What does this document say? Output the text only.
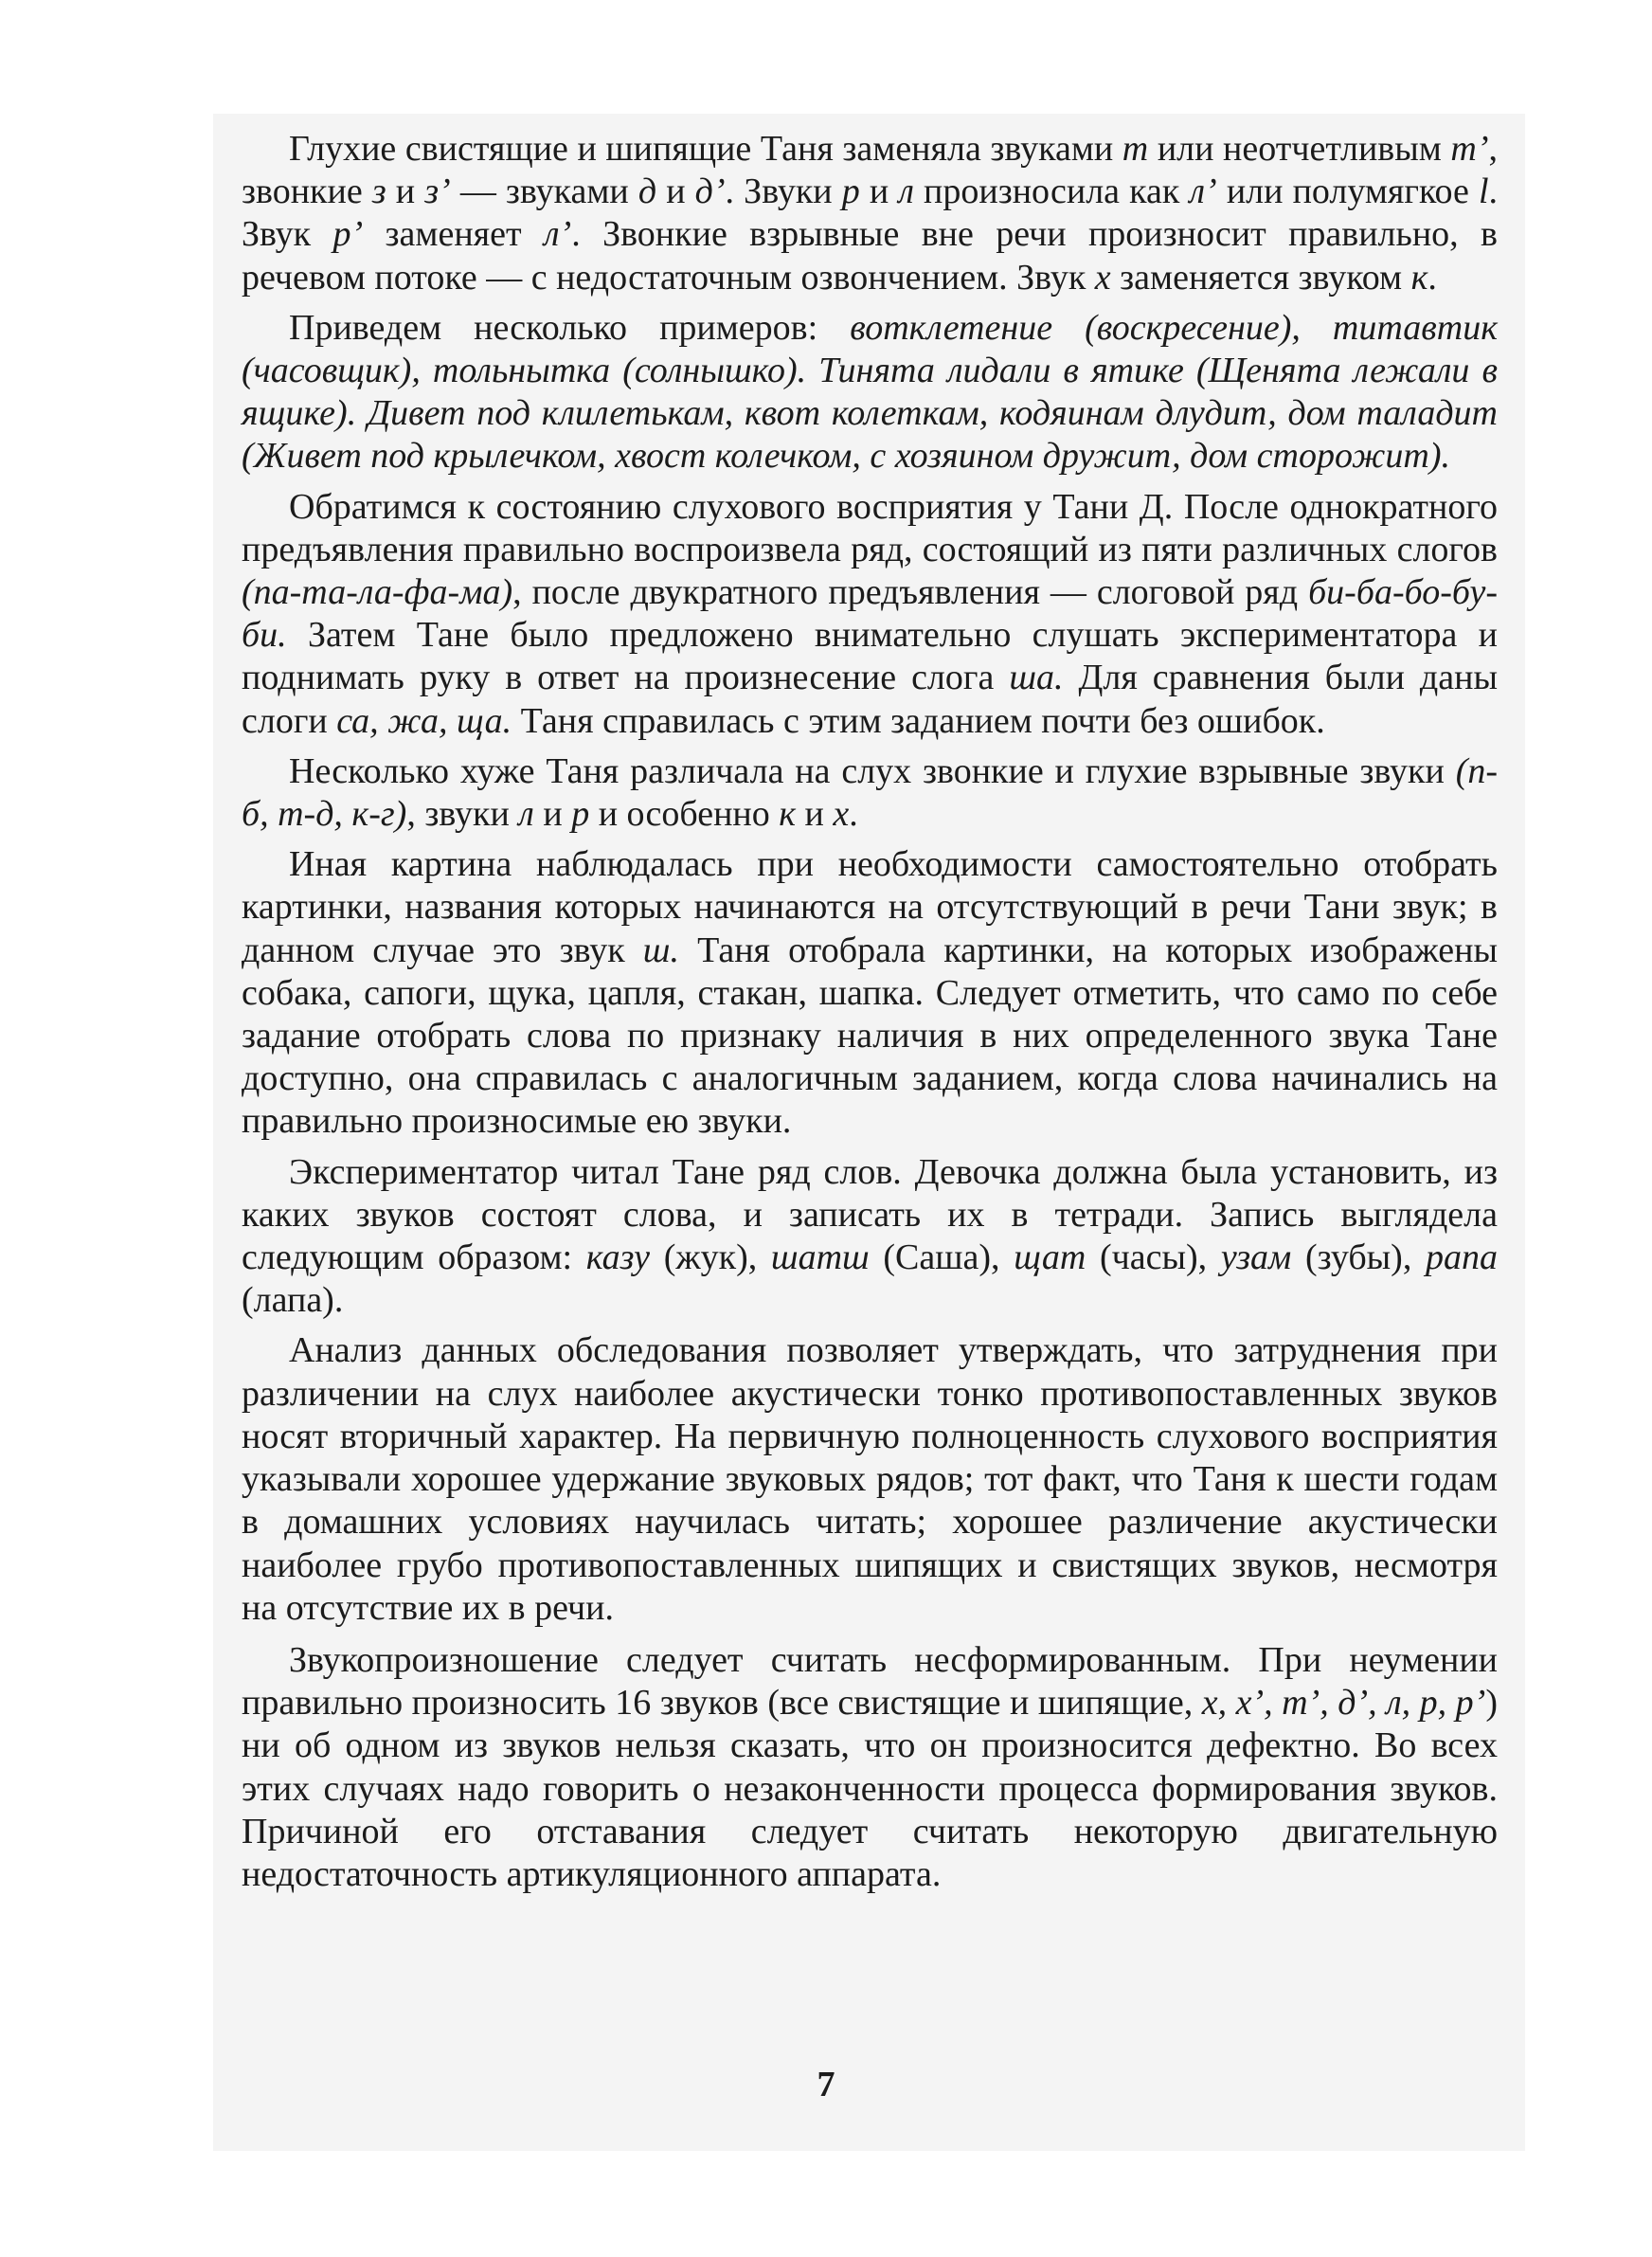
Глухие свистящие и шипящие Таня заменяла звуками т или неотчетливым т’, звонкие з и з’ — звуками д и д’. Звуки р и л произносила как л’ или полумягкое l. Звук р’ заменяет л’. Звонкие взрывные вне речи произносит правильно, в речевом потоке — с недостаточным озвончением. Звук х заменяется звуком к.

Приведем несколько примеров: вотклетение (воскресение), титавтик (часовщик), тольнытка (солнышко). Тинята лидали в ятике (Щенята лежали в ящике). Дивет под клилетькам, квот колеткам, кодяинам длудит, дом таладит (Живет под крылечком, хвост колечком, с хозяином дружит, дом сторожит).

Обратимся к состоянию слухового восприятия у Тани Д. После однократного предъявления правильно воспроизвела ряд, состоящий из пяти различных слогов (па-та-ла-фа-ма), после двукратного предъявления — слоговой ряд би-ба-бо-бу-би. Затем Тане было предложено внимательно слушать экспериментатора и поднимать руку в ответ на произнесение слога ша. Для сравнения были даны слоги са, жа, ща. Таня справилась с этим заданием почти без ошибок.

Несколько хуже Таня различала на слух звонкие и глухие взрывные звуки (п-б, т-д, к-г), звуки л и р и особенно к и х.

Иная картина наблюдалась при необходимости самостоятельно отобрать картинки, названия которых начинаются на отсутствующий в речи Тани звук; в данном случае это звук ш. Таня отобрала картинки, на которых изображены собака, сапоги, щука, цапля, стакан, шапка. Следует отметить, что само по себе задание отобрать слова по признаку наличия в них определенного звука Тане доступно, она справилась с аналогичным заданием, когда слова начинались на правильно произносимые ею звуки.

Экспериментатор читал Тане ряд слов. Девочка должна была установить, из каких звуков состоят слова, и записать их в тетради. Запись выглядела следующим образом: казу (жук), шатш (Саша), щат (часы), узам (зубы), рапа (лапа).

Анализ данных обследования позволяет утверждать, что затруднения при различении на слух наиболее акустически тонко противопоставленных звуков носят вторичный характер. На первичную полноценность слухового восприятия указывали хорошее удержание звуковых рядов; тот факт, что Таня к шести годам в домашних условиях научилась читать; хорошее различение акустически наиболее грубо противопоставленных шипящих и свистящих звуков, несмотря на отсутствие их в речи.

Звукопроизношение следует считать несформированным. При неумении правильно произносить 16 звуков (все свистящие и шипящие, х, х’, т’, д’, л, р, р’) ни об одном из звуков нельзя сказать, что он произносится дефектно. Во всех этих случаях надо говорить о незаконченности процесса формирования звуков. Причиной его отставания следует считать некоторую двигательную недостаточность артикуляционного аппарата.

7
